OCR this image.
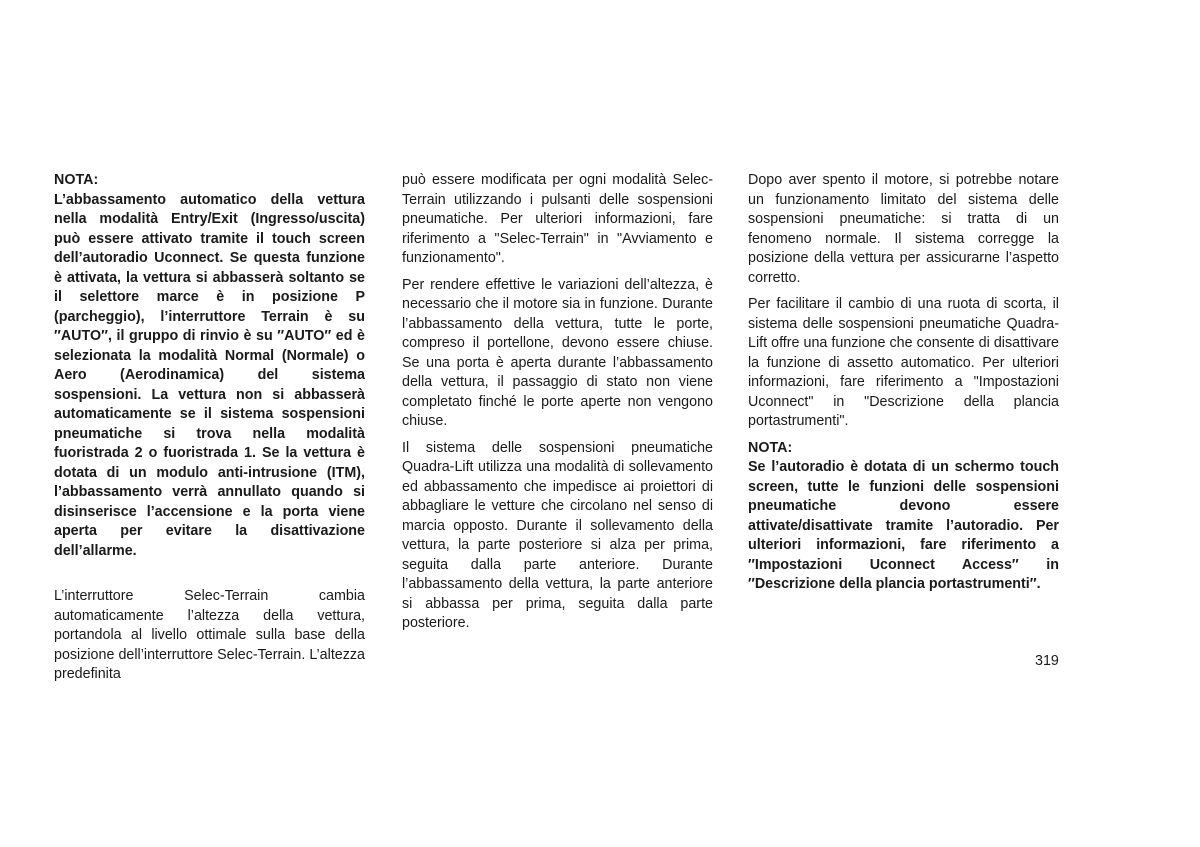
NOTA:

L’abbassamento automatico della vettura nella modalità Entry/Exit (Ingresso/uscita) può essere attivato tramite il touch screen dell’autoradio Uconnect. Se questa funzione è attivata, la vettura si abbasserà soltanto se il selettore marce è in posizione P (parcheggio), l’interruttore Terrain è su ″AUTO″, il gruppo di rinvio è su ″AUTO″ ed è selezionata la modalità Normal (Normale) o Aero (Aerodinamica) del sistema sospensioni. La vettura non si abbasserà automaticamente se il sistema sospensioni pneumatiche si trova nella modalità fuoristrada 2 o fuoristrada 1. Se la vettura è dotata di un modulo anti-intrusione (ITM), l’abbassamento verrà annullato quando si disinserisce l’accensione e la porta viene aperta per evitare la disattivazione dell’allarme.

L’interruttore Selec-Terrain cambia automaticamente l’altezza della vettura, portandola al livello ottimale sulla base della posizione dell’interruttore Selec-Terrain. L’altezza predefinita

può essere modificata per ogni modalità Selec-Terrain utilizzando i pulsanti delle sospensioni pneumatiche. Per ulteriori informazioni, fare riferimento a "Selec-Terrain" in "Avviamento e funzionamento".

Per rendere effettive le variazioni dell’altezza, è necessario che il motore sia in funzione. Durante l’abbassamento della vettura, tutte le porte, compreso il portellone, devono essere chiuse. Se una porta è aperta durante l’abbassamento della vettura, il passaggio di stato non viene completato finché le porte aperte non vengono chiuse.

Il sistema delle sospensioni pneumatiche Quadra-Lift utilizza una modalità di sollevamento ed abbassamento che impedisce ai proiettori di abbagliare le vetture che circolano nel senso di marcia opposto. Durante il sollevamento della vettura, la parte posteriore si alza per prima, seguita dalla parte anteriore. Durante l’abbassamento della vettura, la parte anteriore si abbassa per prima, seguita dalla parte posteriore.

Dopo aver spento il motore, si potrebbe notare un funzionamento limitato del sistema delle sospensioni pneumatiche: si tratta di un fenomeno normale. Il sistema corregge la posizione della vettura per assicurarne l’aspetto corretto.

Per facilitare il cambio di una ruota di scorta, il sistema delle sospensioni pneumatiche Quadra-Lift offre una funzione che consente di disattivare la funzione di assetto automatico. Per ulteriori informazioni, fare riferimento a "Impostazioni Uconnect" in "Descrizione della plancia portastrumenti".

NOTA:

Se l’autoradio è dotata di un schermo touch screen, tutte le funzioni delle sospensioni pneumatiche devono essere attivate/disattivate tramite l’autoradio. Per ulteriori informazioni, fare riferimento a ″Impostazioni Uconnect Access″ in ″Descrizione della plancia portastrumenti″.

319
